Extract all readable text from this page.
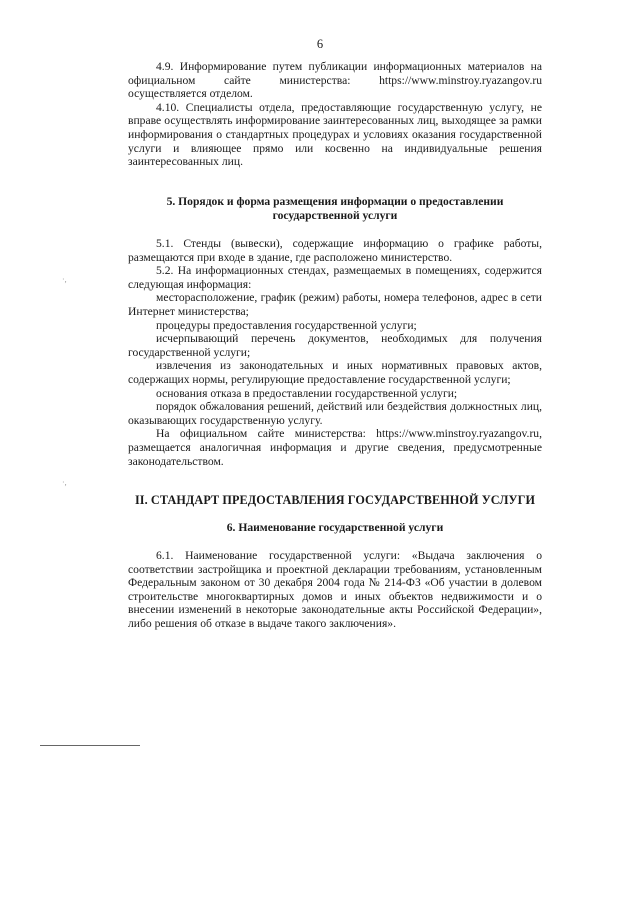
6

4.9. Информирование путем публикации информационных материалов на официальном сайте министерства: https://www.minstroy.ryazangov.ru осуществляется отделом.

4.10. Специалисты отдела, предоставляющие государственную услугу, не вправе осуществлять информирование заинтересованных лиц, выходящее за рамки информирования о стандартных процедурах и условиях оказания государственной услуги и влияющее прямо или косвенно на индивидуальные решения заинтересованных лиц.

5. Порядок и форма размещения информации о предоставлении

государственной услуги

5.1. Стенды (вывески), содержащие информацию о графике работы, размещаются при входе в здание, где расположено министерство.

5.2. На информационных стендах, размещаемых в помещениях, содержится следующая информация:

месторасположение, график (режим) работы, номера телефонов, адрес в сети Интернет министерства;

процедуры предоставления государственной услуги;

исчерпывающий перечень документов, необходимых для получения государственной услуги;

извлечения из законодательных и иных нормативных правовых актов, содержащих нормы, регулирующие предоставление государственной услуги;

основания отказа в предоставлении государственной услуги;

порядок обжалования решений, действий или бездействия должностных лиц, оказывающих государственную услугу.

На официальном сайте министерства: https://www.minstroy.ryazangov.ru, размещается аналогичная информация и другие сведения, предусмотренные законодательством.

II. СТАНДАРТ ПРЕДОСТАВЛЕНИЯ ГОСУДАРСТВЕННОЙ УСЛУГИ

6. Наименование государственной услуги

6.1. Наименование государственной услуги: «Выдача заключения о соответствии застройщика и проектной декларации требованиям, установленным Федеральным законом от 30 декабря 2004 года № 214-ФЗ «Об участии в долевом строительстве многоквартирных домов и иных объектов недвижимости и о внесении изменений в некоторые законодательные акты Российской Федерации», либо решения об отказе в выдаче такого заключения».

·,
·,
